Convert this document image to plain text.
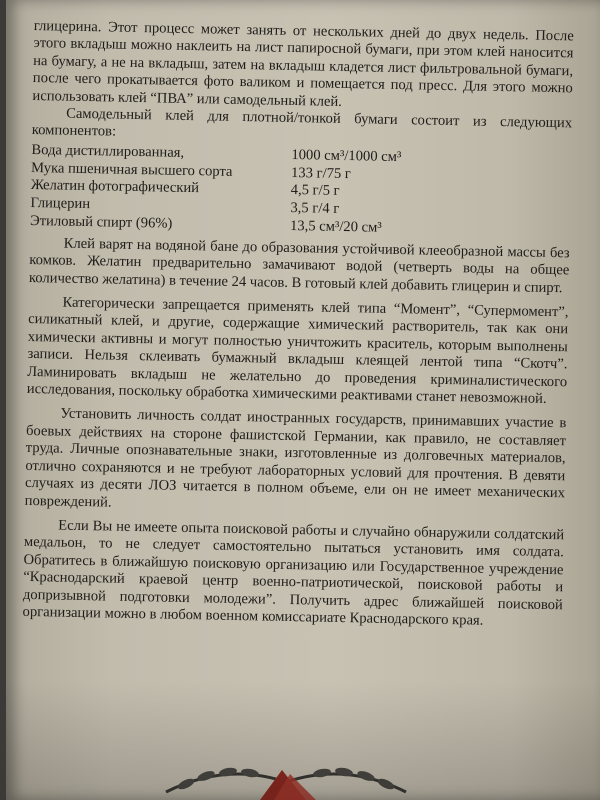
глицерина. Этот процесс может занять от нескольких дней до двух недель. После этого вкладыш можно наклеить на лист папиросной бумаги, при этом клей наносится на бумагу, а не на вкладыш, затем на вкладыш кладется лист фильтровальной бумаги, после чего прокатывается фото валиком и помещается под пресс. Для этого можно использовать клей “ПВА” или самодельный клей.

Самодельный клей для плотной/тонкой бумаги состоит из следующих компонентов:

Вода дистиллированная,	1000 см³/1000 см³
Мука пшеничная высшего сорта	133 г/75 г
Желатин фотографический	4,5 г/5 г
Глицерин	3,5 г/4 г
Этиловый спирт (96%)	13,5 см³/20 см³

Клей варят на водяной бане до образования устойчивой клееобразной массы без комков. Желатин предварительно замачивают водой (четверть воды на общее количество желатина) в течение 24 часов. В готовый клей добавить глицерин и спирт.

Категорически запрещается применять клей типа “Момент”, “Супермомент”, силикатный клей, и другие, содержащие химический растворитель, так как они химически активны и могут полностью уничтожить краситель, которым выполнены записи. Нельзя склеивать бумажный вкладыш клеящей лентой типа “Скотч”. Ламинировать вкладыш не желательно до проведения криминалистического исследования, поскольку обработка химическими реактивами станет невозможной.

Установить личность солдат иностранных государств, принимавших участие в боевых действиях на стороне фашистской Германии, как правило, не составляет труда. Личные опознавательные знаки, изготовленные из долговечных материалов, отлично сохраняются и не требуют лабораторных условий для прочтения. В девяти случаях из десяти ЛОЗ читается в полном объеме, ели он не имеет механических повреждений.

Если Вы не имеете опыта поисковой работы и случайно обнаружили солдатский медальон, то не следует самостоятельно пытаться установить имя солдата. Обратитесь в ближайшую поисковую организацию или Государственное учреждение “Краснодарский краевой центр военно-патриотической, поисковой работы и допризывной подготовки молодежи”. Получить адрес ближайшей поисковой организации можно в любом военном комиссариате Краснодарского края.
